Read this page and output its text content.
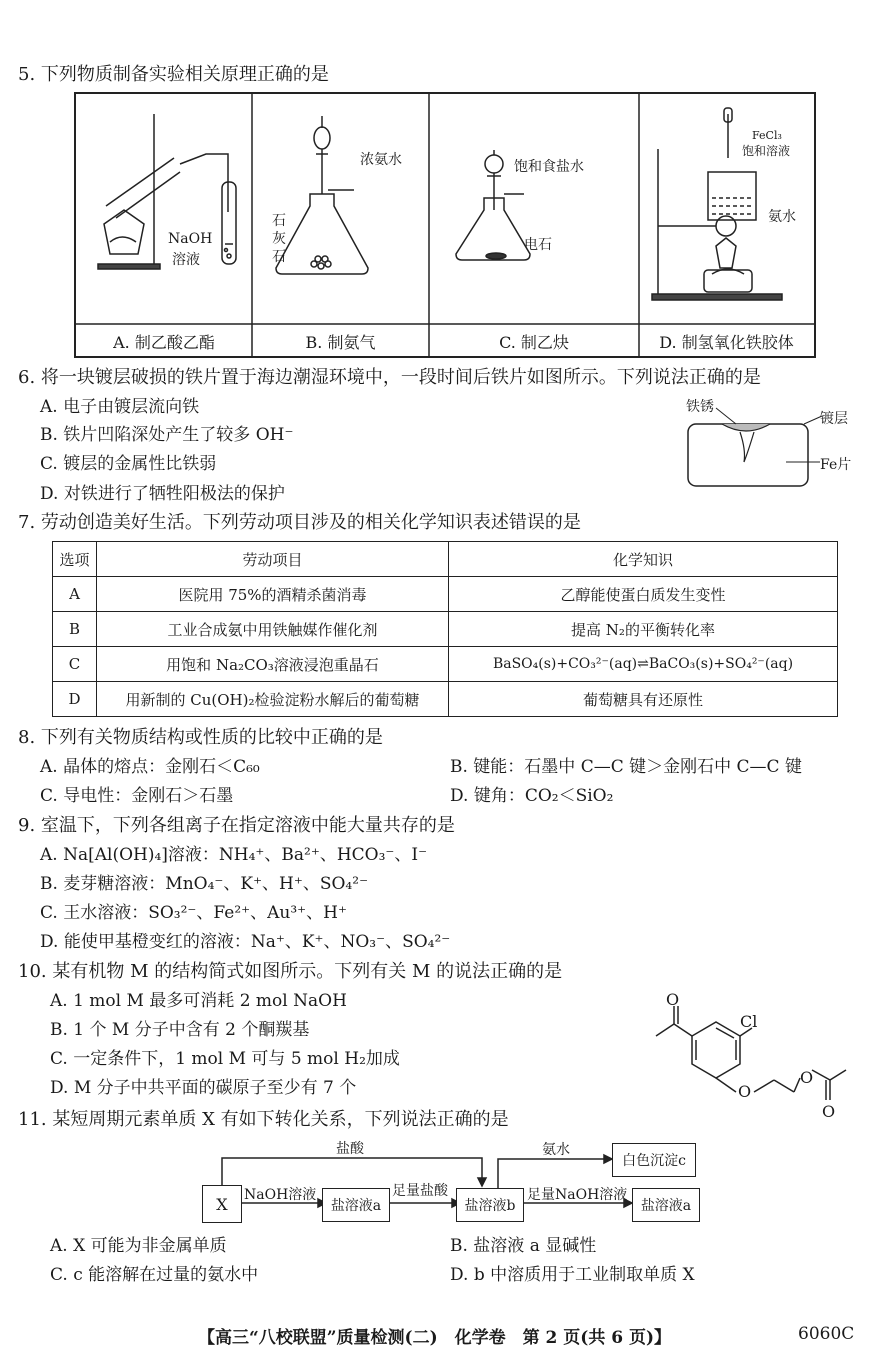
5. 下列物质制备实验相关原理正确的是
NaOH
溶液
浓氨水
石
灰
石
饱和食盐水
电石
FeCl₃
饱和溶液
氨水
A. 制乙酸乙酯	B. 制氨气	C. 制乙炔	D. 制氢氧化铁胶体
6. 将一块镀层破损的铁片置于海边潮湿环境中，一段时间后铁片如图所示。下列说法正确的是
A. 电子由镀层流向铁
B. 铁片凹陷深处产生了较多 OH⁻
C. 镀层的金属性比铁弱
D. 对铁进行了牺牲阳极法的保护
铁锈
镀层
Fe片
7. 劳动创造美好生活。下列劳动项目涉及的相关化学知识表述错误的是
选项	劳动项目	化学知识
A	医院用 75%的酒精杀菌消毒	乙醇能使蛋白质发生变性
B	工业合成氨中用铁触媒作催化剂	提高 N₂的平衡转化率
C	用饱和 Na₂CO₃溶液浸泡重晶石	BaSO₄(s)+CO₃²⁻(aq)⇌BaCO₃(s)+SO₄²⁻(aq)
D	用新制的 Cu(OH)₂检验淀粉水解后的葡萄糖	葡萄糖具有还原性
8. 下列有关物质结构或性质的比较中正确的是
A. 晶体的熔点：金刚石＜C₆₀	B. 键能：石墨中 C—C 键＞金刚石中 C—C 键
C. 导电性：金刚石＞石墨	D. 键角：CO₂＜SiO₂
9. 室温下，下列各组离子在指定溶液中能大量共存的是
A. Na[Al(OH)₄]溶液：NH₄⁺、Ba²⁺、HCO₃⁻、I⁻
B. 麦芽糖溶液：MnO₄⁻、K⁺、H⁺、SO₄²⁻
C. 王水溶液：SO₃²⁻、Fe²⁺、Au³⁺、H⁺
D. 能使甲基橙变红的溶液：Na⁺、K⁺、NO₃⁻、SO₄²⁻
10. 某有机物 M 的结构简式如图所示。下列有关 M 的说法正确的是
A. 1 mol M 最多可消耗 2 mol NaOH
B. 1 个 M 分子中含有 2 个酮羰基
C. 一定条件下，1 mol M 可与 5 mol H₂加成
D. M 分子中共平面的碳原子至少有 7 个
O
Cl
O
O
O
11. 某短周期元素单质 X 有如下转化关系，下列说法正确的是
X	盐溶液a	盐溶液b
白色沉淀c
盐溶液a
NaOH溶液	足量盐酸	足量NaOH溶液
盐酸	氨水
A. X 可能为非金属单质	B. 盐溶液 a 显碱性
C. c 能溶解在过量的氨水中	D. b 中溶质用于工业制取单质 X
【高三“八校联盟”质量检测(二)　化学卷　第 2 页(共 6 页)】	6060C
